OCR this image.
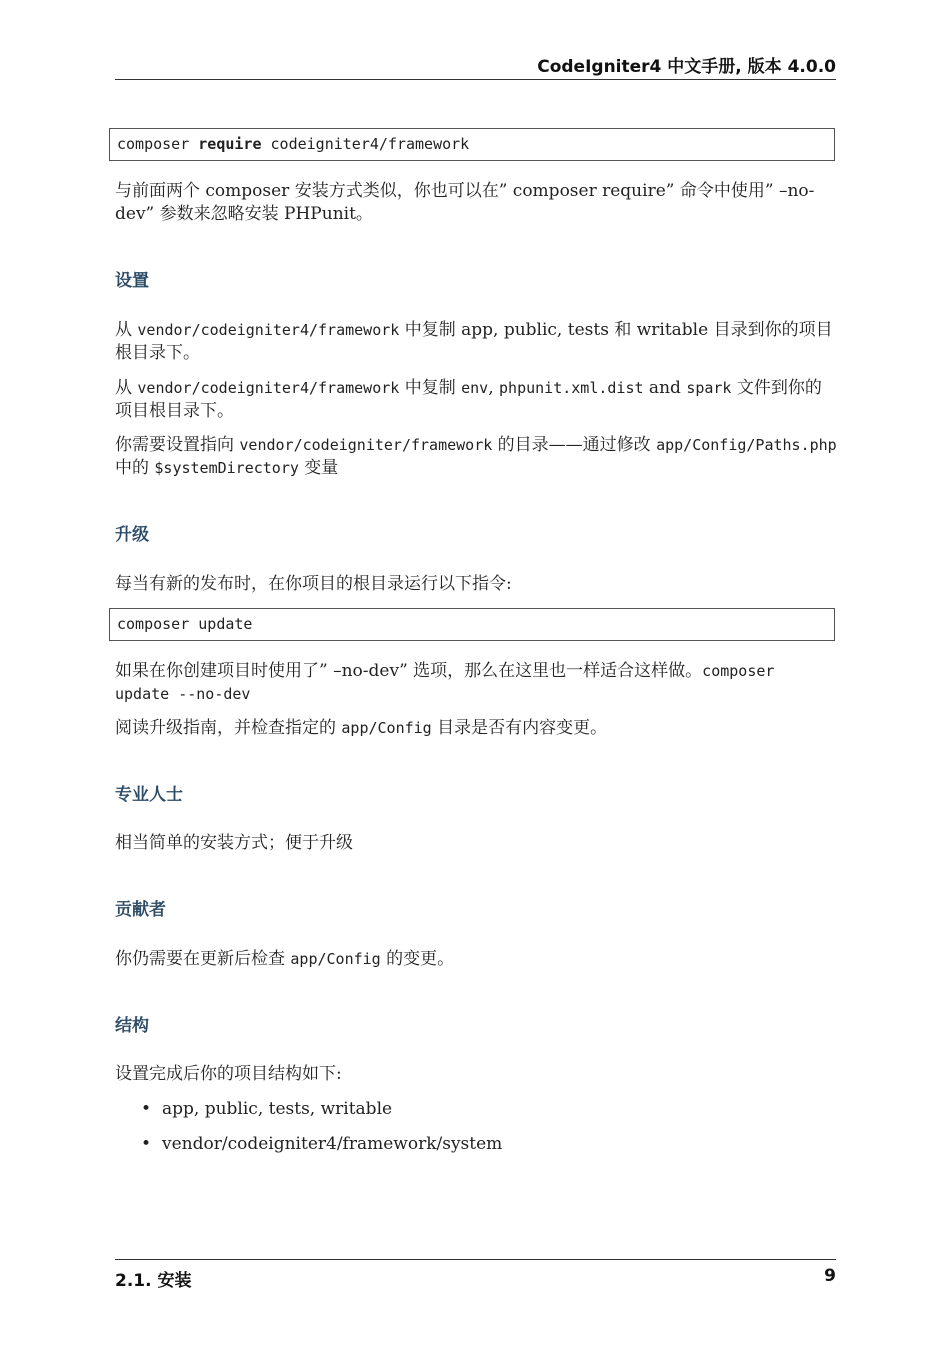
CodeIgniter4 中文手册, 版本 4.0.0
composer require codeigniter4/framework
与前面两个 composer 安装方式类似，你也可以在” composer require” 命令中使用” –no-dev” 参数来忽略安装 PHPunit。
设置
从 vendor/codeigniter4/framework 中复制 app, public, tests 和 writable 目录到你的项目根目录下。
从 vendor/codeigniter4/framework 中复制 env, phpunit.xml.dist and spark 文件到你的项目根目录下。
你需要设置指向 vendor/codeigniter/framework 的目录——通过修改 app/Config/Paths.php 中的 $systemDirectory 变量
升级
每当有新的发布时，在你项目的根目录运行以下指令:
composer update
如果在你创建项目时使用了” –no-dev” 选项，那么在这里也一样适合这样做。composer update --no-dev
阅读升级指南，并检查指定的 app/Config 目录是否有内容变更。
专业人士
相当简单的安装方式；便于升级
贡献者
你仍需要在更新后检查 app/Config 的变更。
结构
设置完成后你的项目结构如下:
• app, public, tests, writable
• vendor/codeigniter4/framework/system
2.1. 安装	9
